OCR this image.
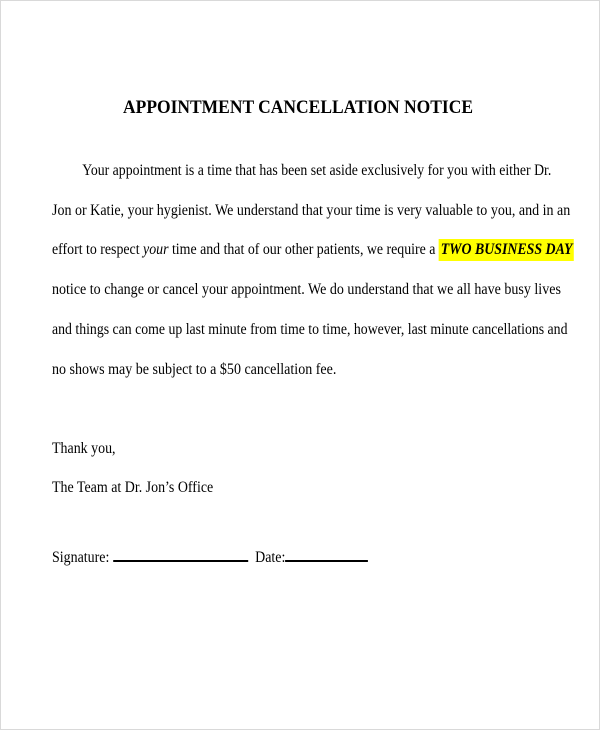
APPOINTMENT CANCELLATION NOTICE
Your appointment is a time that has been set aside exclusively for you with either Dr.
Jon or Katie, your hygienist. We understand that your time is very valuable to you, and in an
effort to respect your time and that of our other patients, we require a TWO BUSINESS DAY
notice to change or cancel your appointment. We do understand that we all have busy lives
and things can come up last minute from time to time, however, last minute cancellations and
no shows may be subject to a $50 cancellation fee.
Thank you,
The Team at Dr. Jon’s Office
Signature:	Date:
